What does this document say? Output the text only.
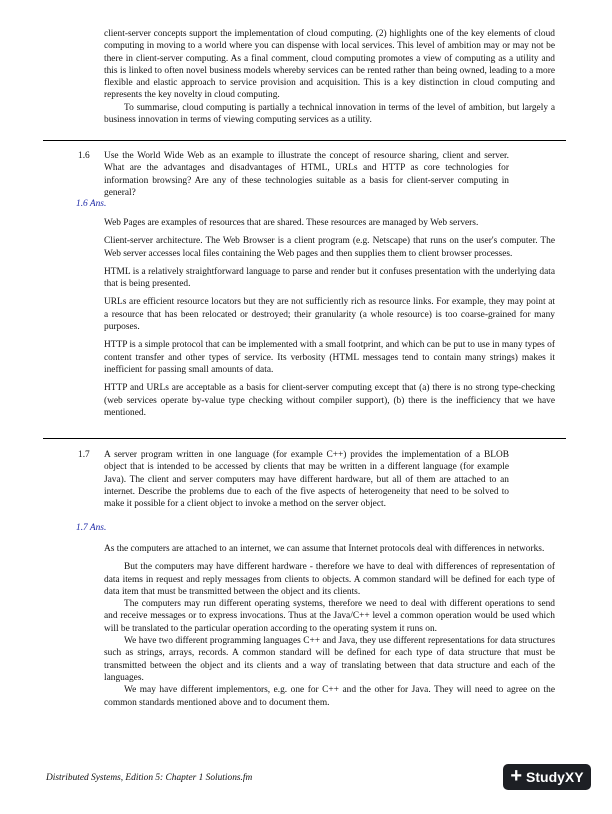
client-server concepts support the implementation of cloud computing. (2) highlights one of the key elements of cloud computing in moving to a world where you can dispense with local services. This level of ambition may or may not be there in client-server computing. As a final comment, cloud computing promotes a view of computing as a utility and this is linked to often novel business models whereby services can be rented rather than being owned, leading to a more flexible and elastic approach to service provision and acquisition. This is a key distinction in cloud computing and represents the key novelty in cloud computing.

To summarise, cloud computing is partially a technical innovation in terms of the level of ambition, but largely a business innovation in terms of viewing computing services as a utility.

1.6 Use the World Wide Web as an example to illustrate the concept of resource sharing, client and server. What are the advantages and disadvantages of HTML, URLs and HTTP as core technologies for information browsing? Are any of these technologies suitable as a basis for client-server computing in general?

1.6 Ans.

Web Pages are examples of resources that are shared. These resources are managed by Web servers.

Client-server architecture. The Web Browser is a client program (e.g. Netscape) that runs on the user's computer. The Web server accesses local files containing the Web pages and then supplies them to client browser processes.

HTML is a relatively straightforward language to parse and render but it confuses presentation with the underlying data that is being presented.

URLs are efficient resource locators but they are not sufficiently rich as resource links. For example, they may point at a resource that has been relocated or destroyed; their granularity (a whole resource) is too coarse-grained for many purposes.

HTTP is a simple protocol that can be implemented with a small footprint, and which can be put to use in many types of content transfer and other types of service. Its verbosity (HTML messages tend to contain many strings) makes it inefficient for passing small amounts of data.

HTTP and URLs are acceptable as a basis for client-server computing except that (a) there is no strong type-checking (web services operate by-value type checking without compiler support), (b) there is the inefficiency that we have mentioned.

1.7 A server program written in one language (for example C++) provides the implementation of a BLOB object that is intended to be accessed by clients that may be written in a different language (for example Java). The client and server computers may have different hardware, but all of them are attached to an internet. Describe the problems due to each of the five aspects of heterogeneity that need to be solved to make it possible for a client object to invoke a method on the server object.

1.7 Ans.

As the computers are attached to an internet, we can assume that Internet protocols deal with differences in networks.

But the computers may have different hardware - therefore we have to deal with differences of representation of data items in request and reply messages from clients to objects. A common standard will be defined for each type of data item that must be transmitted between the object and its clients.

The computers may run different operating systems, therefore we need to deal with different operations to send and receive messages or to express invocations. Thus at the Java/C++ level a common operation would be used which will be translated to the particular operation according to the operating system it runs on.

We have two different programming languages C++ and Java, they use different representations for data structures such as strings, arrays, records. A common standard will be defined for each type of data structure that must be transmitted between the object and its clients and a way of translating between that data structure and each of the languages.

We may have different implementors, e.g. one for C++ and the other for Java. They will need to agree on the common standards mentioned above and to document them.

Distributed Systems, Edition 5: Chapter 1 Solutions.fm	+ StudyXY
